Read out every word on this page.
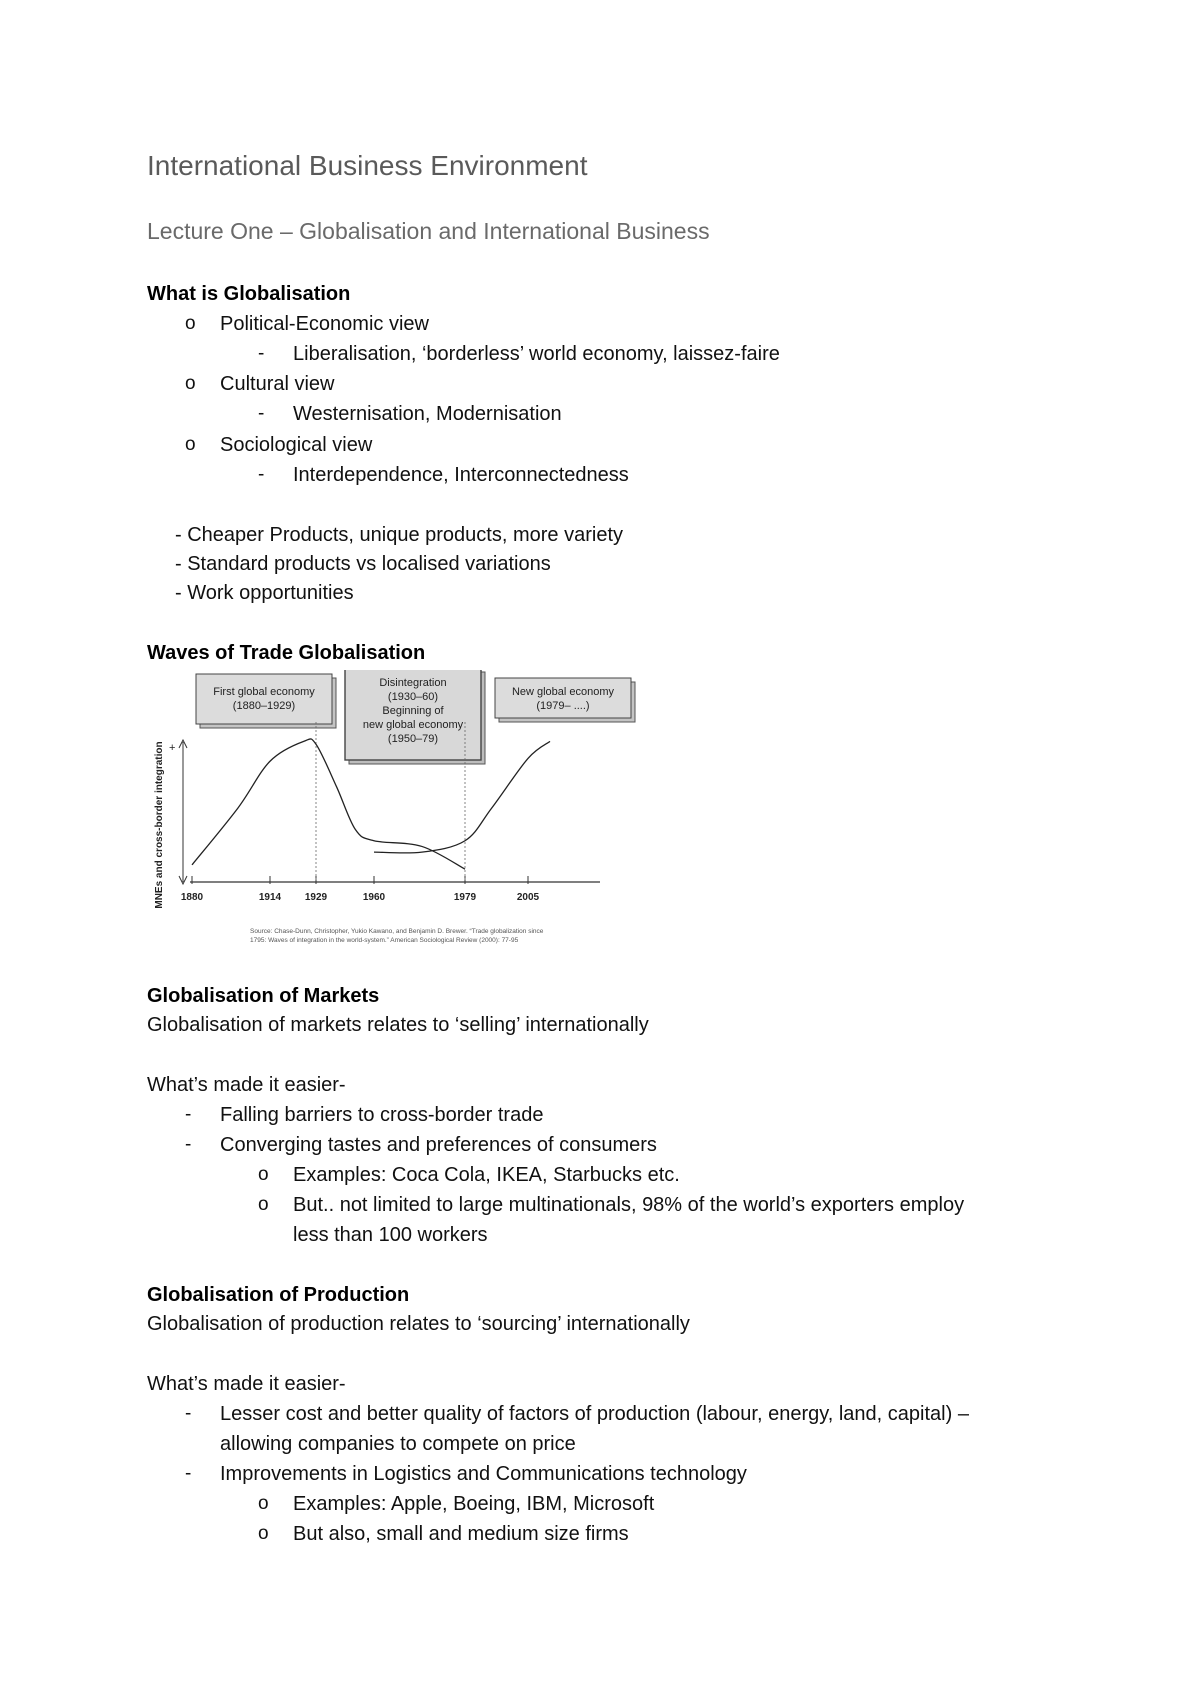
International Business Environment
Lecture One – Globalisation and International Business
What is Globalisation
o Political-Economic view
- Liberalisation, ‘borderless’ world economy, laissez-faire
o Cultural view
- Westernisation, Modernisation
o Sociological view
- Interdependence, Interconnectedness
- Cheaper Products, unique products, more variety
- Standard products vs localised variations
- Work opportunities
Waves of Trade Globalisation
First global economy
(1880–1929)
Disintegration
(1930–60)
Beginning of
new global economy
(1950–79)
New global economy
(1979– ....)
MNEs and cross-border integration +
1880	1914 1929	1960	1979	2005
Source: Chase-Dunn, Christopher, Yukio Kawano, and Benjamin D. Brewer. “Trade globalization since
1795: Waves of integration in the world-system.” American Sociological Review (2000): 77-95
Globalisation of Markets
Globalisation of markets relates to ‘selling’ internationally
What’s made it easier-
- Falling barriers to cross-border trade
- Converging tastes and preferences of consumers
o Examples: Coca Cola, IKEA, Starbucks etc.
o But.. not limited to large multinationals, 98% of the world’s exporters employ
less than 100 workers
Globalisation of Production
Globalisation of production relates to ‘sourcing’ internationally
What’s made it easier-
- Lesser cost and better quality of factors of production (labour, energy, land, capital) –
allowing companies to compete on price
- Improvements in Logistics and Communications technology
o Examples: Apple, Boeing, IBM, Microsoft
o But also, small and medium size firms
